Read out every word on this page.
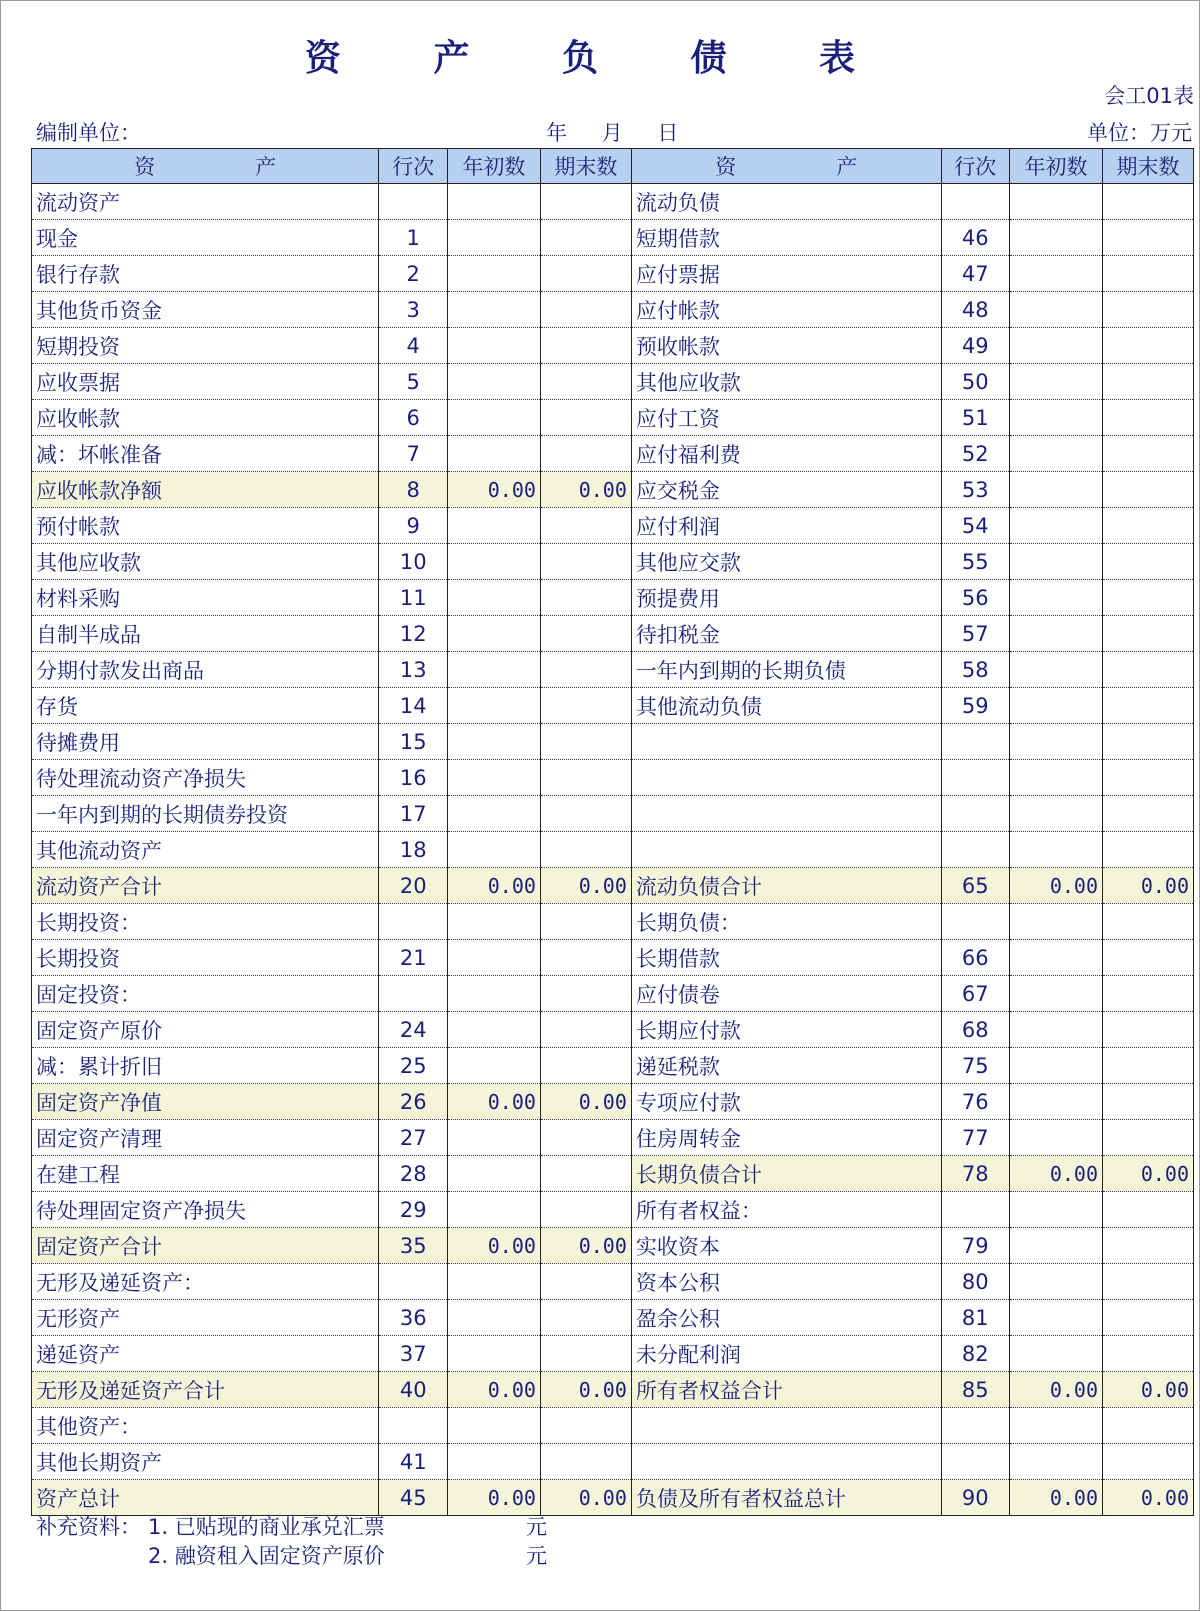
资 产 负 债 表
会工01表
编制单位：	年 月 日	单位：万元
资 产	行次	年初数	期末数	资 产	行次	年初数	期末数
流动资产				流动负债			
现金	1			短期借款	46		
银行存款	2			应付票据	47		
其他货币资金	3			应付帐款	48		
短期投资	4			预收帐款	49		
应收票据	5			其他应收款	50		
应收帐款	6			应付工资	51		
减：坏帐准备	7			应付福利费	52		
应收帐款净额	8	0.00	0.00	应交税金	53		
预付帐款	9			应付利润	54		
其他应收款	10			其他应交款	55		
材料采购	11			预提费用	56		
自制半成品	12			待扣税金	57		
分期付款发出商品	13			一年内到期的长期负债	58		
存货	14			其他流动负债	59		
待摊费用	15						
待处理流动资产净损失	16						
一年内到期的长期债券投资	17						
其他流动资产	18						
流动资产合计	20	0.00	0.00	流动负债合计	65	0.00	0.00
长期投资：				长期负债：			
长期投资	21			长期借款	66		
固定投资：				应付债卷	67		
固定资产原价	24			长期应付款	68		
减：累计折旧	25			递延税款	75		
固定资产净值	26	0.00	0.00	专项应付款	76		
固定资产清理	27			住房周转金	77		
在建工程	28			长期负债合计	78	0.00	0.00
待处理固定资产净损失	29			所有者权益：			
固定资产合计	35	0.00	0.00	实收资本	79		
无形及递延资产：				资本公积	80		
无形资产	36			盈余公积	81		
递延资产	37			未分配利润	82		
无形及递延资产合计	40	0.00	0.00	所有者权益合计	85	0.00	0.00
其他资产：							
其他长期资产	41						
资产总计	45	0.00	0.00	负债及所有者权益总计	90	0.00	0.00
补充资料： 1. 已贴现的商业承兑汇票	元
2. 融资租入固定资产原价	元
